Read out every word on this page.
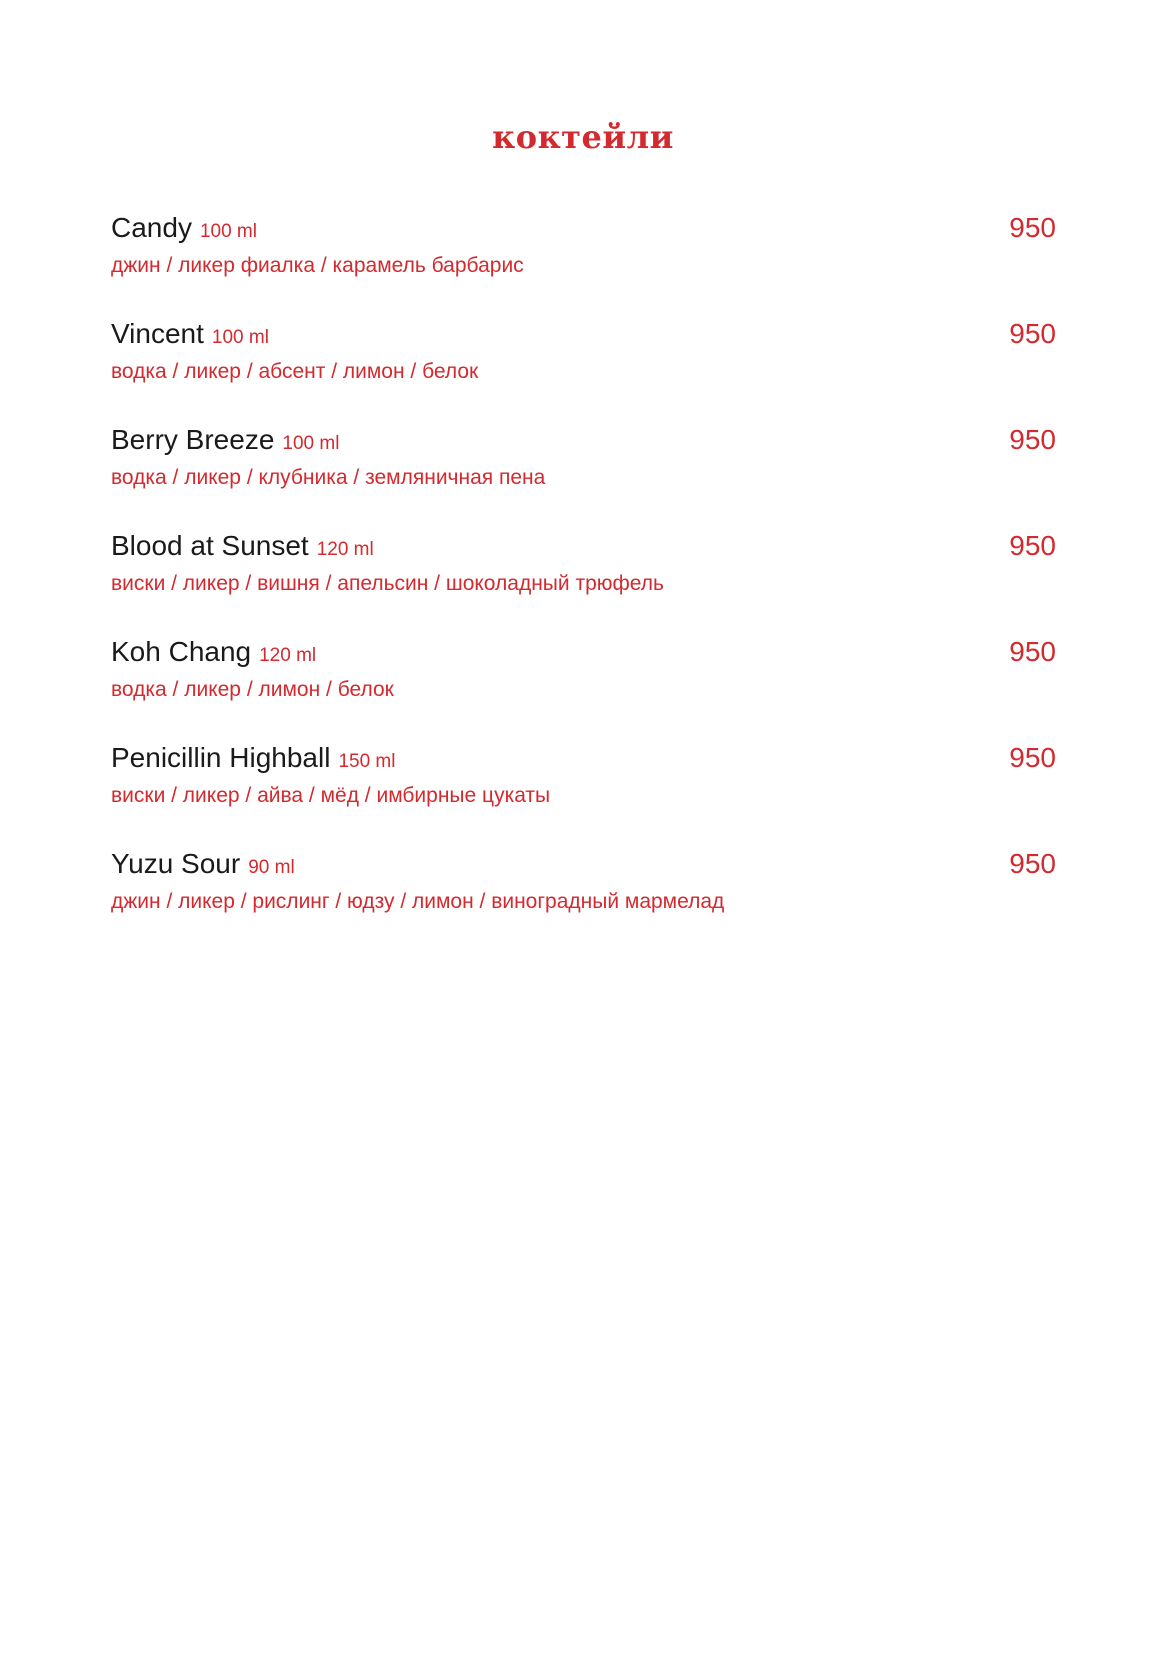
коктейли
Candy 100 ml	950
джин / ликер фиалка / карамель барбарис
Vincent 100 ml	950
водка / ликер / абсент / лимон / белок
Berry Breeze 100 ml	950
водка / ликер / клубника / земляничная пена
Blood at Sunset 120 ml	950
виски / ликер / вишня / апельсин / шоколадный трюфель
Koh Chang 120 ml	950
водка / ликер / лимон / белок
Penicillin Highball 150 ml	950
виски / ликер / айва / мёд / имбирные цукаты
Yuzu Sour 90 ml	950
джин / ликер / рислинг / юдзу / лимон / виноградный мармелад
